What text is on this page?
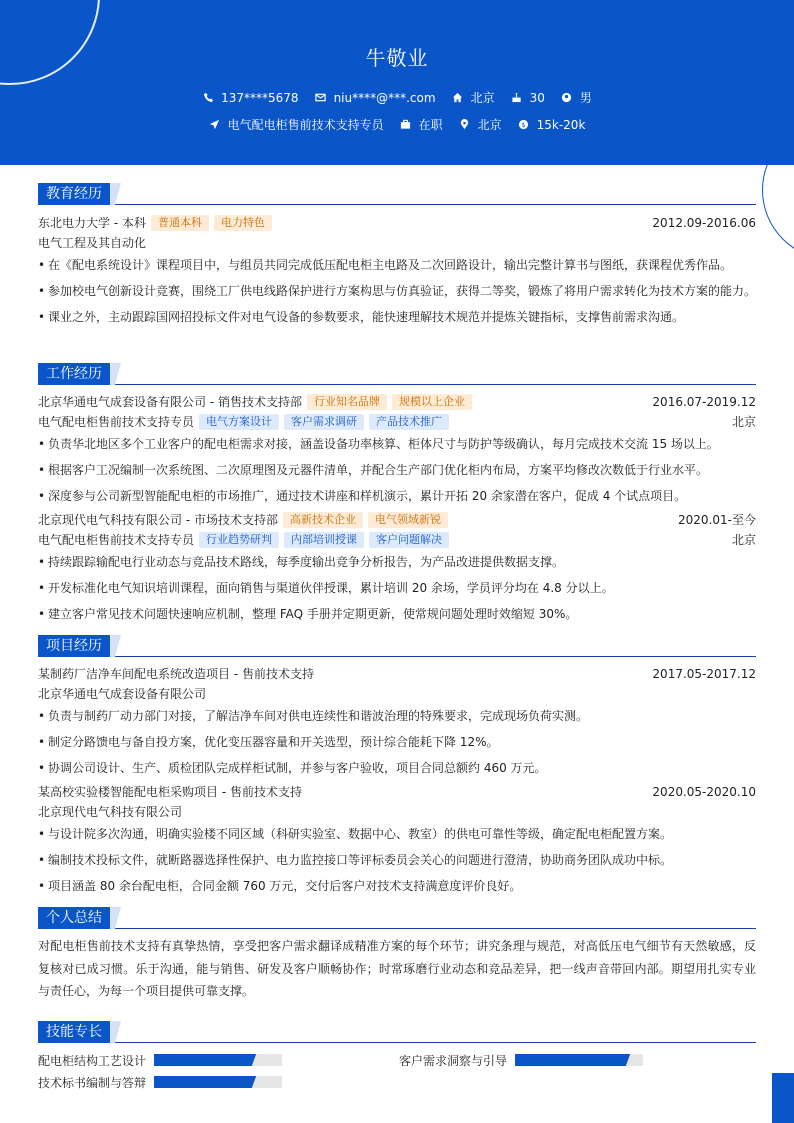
牛敬业
137****5678	niu****@***.com	北京	30	男
电气配电柜售前技术支持专员	在职	北京	$ 15k-20k
教育经历
东北电力大学 - 本科	普通本科	电力特色	2012.09-2016.06
电气工程及其自动化
• 在《配电系统设计》课程项目中，与组员共同完成低压配电柜主电路及二次回路设计，输出完整计算书与图纸，获课程优秀作品。
• 参加校电气创新设计竞赛，围绕工厂供电线路保护进行方案构思与仿真验证，获得二等奖，锻炼了将用户需求转化为技术方案的能力。
• 课业之外，主动跟踪国网招投标文件对电气设备的参数要求，能快速理解技术规范并提炼关键指标，支撑售前需求沟通。
工作经历
北京华通电气成套设备有限公司 - 销售技术支持部	行业知名品牌	规模以上企业	2016.07-2019.12
电气配电柜售前技术支持专员	电气方案设计	客户需求调研	产品技术推广	北京
• 负责华北地区多个工业客户的配电柜需求对接，涵盖设备功率核算、柜体尺寸与防护等级确认，每月完成技术交流 15 场以上。
• 根据客户工况编制一次系统图、二次原理图及元器件清单，并配合生产部门优化柜内布局，方案平均修改次数低于行业水平。
• 深度参与公司新型智能配电柜的市场推广，通过技术讲座和样机演示，累计开拓 20 余家潜在客户，促成 4 个试点项目。
北京现代电气科技有限公司 - 市场技术支持部	高新技术企业	电气领域新锐	2020.01-至今
电气配电柜售前技术支持专员	行业趋势研判	内部培训授课	客户问题解决	北京
• 持续跟踪输配电行业动态与竞品技术路线，每季度输出竞争分析报告，为产品改进提供数据支撑。
• 开发标准化电气知识培训课程，面向销售与渠道伙伴授课，累计培训 20 余场，学员评分均在 4.8 分以上。
• 建立客户常见技术问题快速响应机制，整理 FAQ 手册并定期更新，使常规问题处理时效缩短 30%。
项目经历
某制药厂洁净车间配电系统改造项目 - 售前技术支持	2017.05-2017.12
北京华通电气成套设备有限公司
• 负责与制药厂动力部门对接，了解洁净车间对供电连续性和谐波治理的特殊要求，完成现场负荷实测。
• 制定分路馈电与备自投方案，优化变压器容量和开关选型，预计综合能耗下降 12%。
• 协调公司设计、生产、质检团队完成样柜试制，并参与客户验收，项目合同总额约 460 万元。
某高校实验楼智能配电柜采购项目 - 售前技术支持	2020.05-2020.10
北京现代电气科技有限公司
• 与设计院多次沟通，明确实验楼不同区域（科研实验室、数据中心、教室）的供电可靠性等级，确定配电柜配置方案。
• 编制技术投标文件，就断路器选择性保护、电力监控接口等评标委员会关心的问题进行澄清，协助商务团队成功中标。
• 项目涵盖 80 余台配电柜，合同金额 760 万元，交付后客户对技术支持满意度评价良好。
个人总结
对配电柜售前技术支持有真挚热情，享受把客户需求翻译成精准方案的每个环节；讲究条理与规范，对高低压电气细节有天然敏感，反复核对已成习惯。乐于沟通，能与销售、研发及客户顺畅协作；时常琢磨行业动态和竞品差异，把一线声音带回内部。期望用扎实专业与责任心，为每一个项目提供可靠支撑。
技能专长
配电柜结构工艺设计	客户需求洞察与引导
技术标书编制与答辩
